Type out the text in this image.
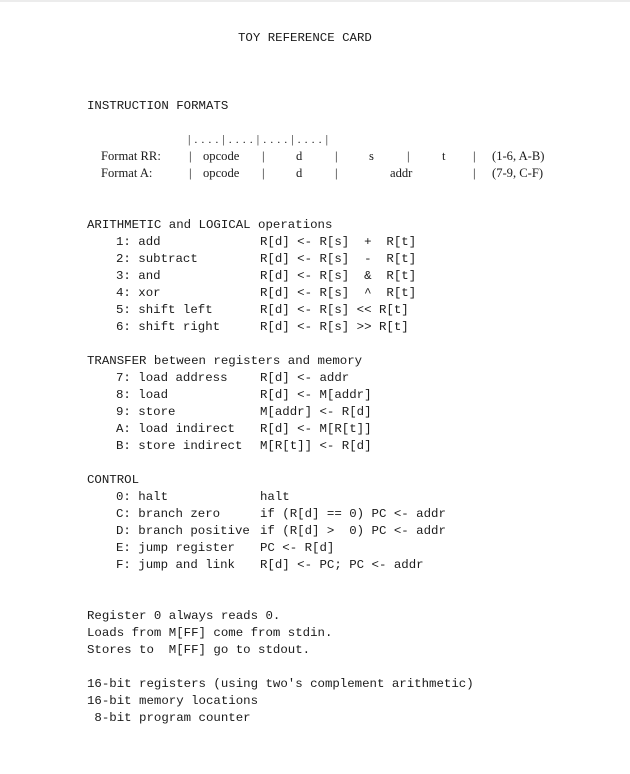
TOY REFERENCE CARD
INSTRUCTION FORMATS
| . . . . | . . . . | . . . . | . . . . |
Format RR: | opcode | d	| s	|	t | (1-6, A-B)
Format A:	| opcode | d	|	addr	| (7-9, C-F)
ARITHMETIC and LOGICAL operations
1: add	R[d] <- R[s]  +  R[t]
2: subtract	R[d] <- R[s]  -  R[t]
3: and	R[d] <- R[s]  &  R[t]
4: xor	R[d] <- R[s]  ^  R[t]
5: shift left	R[d] <- R[s] << R[t]
6: shift right	R[d] <- R[s] >> R[t]
TRANSFER between registers and memory
7: load address	R[d] <- addr
8: load	R[d] <- M[addr]
9: store	M[addr] <- R[d]
A: load indirect R[d] <- M[R[t]]
B: store indirect M[R[t]] <- R[d]
CONTROL
0: halt	halt
C: branch zero	if (R[d] == 0) PC <- addr
D: branch positive if (R[d] >  0) PC <- addr
E: jump register PC <- R[d]
F: jump and link R[d] <- PC; PC <- addr
Register 0 always reads 0.
Loads from M[FF] come from stdin.
Stores to  M[FF] go to stdout.
16-bit registers (using two's complement arithmetic)
16-bit memory locations
8-bit program counter
